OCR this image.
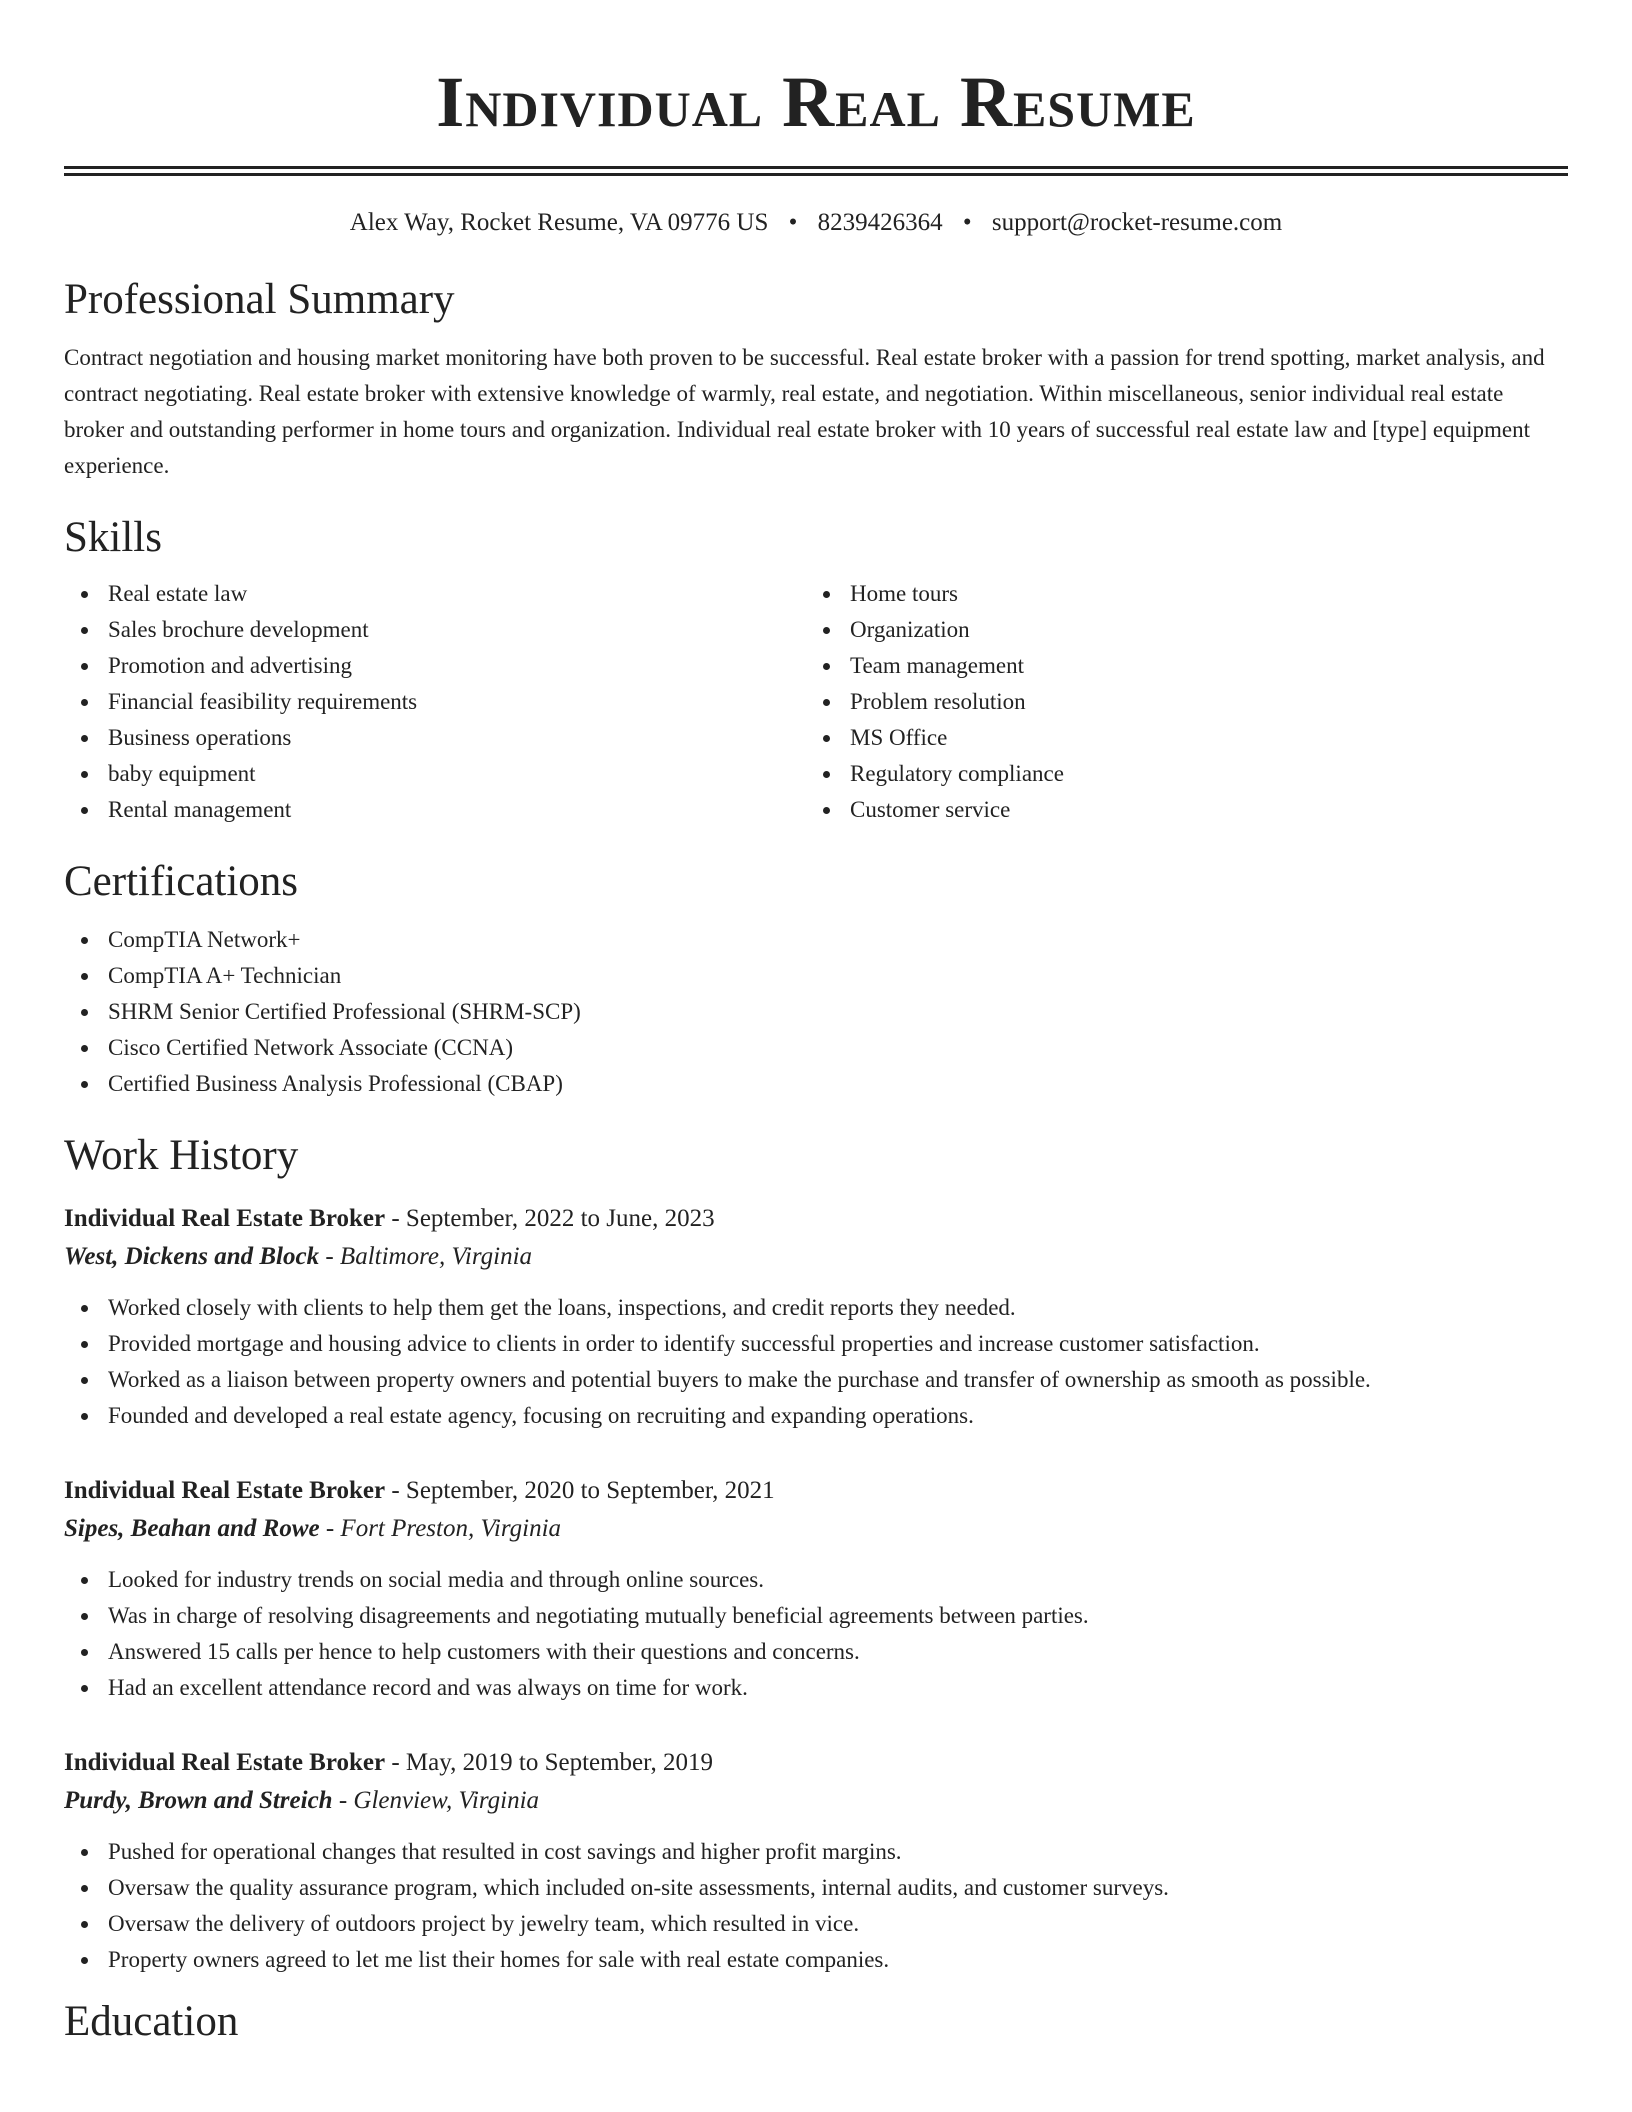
Individual Real Resume
Alex Way, Rocket Resume, VA 09776 US • 8239426364 • support@rocket-resume.com
Professional Summary

Contract negotiation and housing market monitoring have both proven to be successful. Real estate broker with a passion for trend spotting, market analysis, and contract negotiating. Real estate broker with extensive knowledge of warmly, real estate, and negotiation. Within miscellaneous, senior individual real estate broker and outstanding performer in home tours and organization. Individual real estate broker with 10 years of successful real estate law and [type] equipment experience.

Skills
Real estate law
Sales brochure development
Promotion and advertising
Financial feasibility requirements
Business operations
baby equipment
Rental management
Home tours
Organization
Team management
Problem resolution
MS Office
Regulatory compliance
Customer service
Certifications
CompTIA Network+
CompTIA A+ Technician
SHRM Senior Certified Professional (SHRM-SCP)
Cisco Certified Network Associate (CCNA)
Certified Business Analysis Professional (CBAP)
Work History
Individual Real Estate Broker - September, 2022 to June, 2023
West, Dickens and Block - Baltimore, Virginia
Worked closely with clients to help them get the loans, inspections, and credit reports they needed.
Provided mortgage and housing advice to clients in order to identify successful properties and increase customer satisfaction.
Worked as a liaison between property owners and potential buyers to make the purchase and transfer of ownership as smooth as possible.
Founded and developed a real estate agency, focusing on recruiting and expanding operations.
Individual Real Estate Broker - September, 2020 to September, 2021
Sipes, Beahan and Rowe - Fort Preston, Virginia
Looked for industry trends on social media and through online sources.
Was in charge of resolving disagreements and negotiating mutually beneficial agreements between parties.
Answered 15 calls per hence to help customers with their questions and concerns.
Had an excellent attendance record and was always on time for work.
Individual Real Estate Broker - May, 2019 to September, 2019
Purdy, Brown and Streich - Glenview, Virginia
Pushed for operational changes that resulted in cost savings and higher profit margins.
Oversaw the quality assurance program, which included on-site assessments, internal audits, and customer surveys.
Oversaw the delivery of outdoors project by jewelry team, which resulted in vice.
Property owners agreed to let me list their homes for sale with real estate companies.
Education
